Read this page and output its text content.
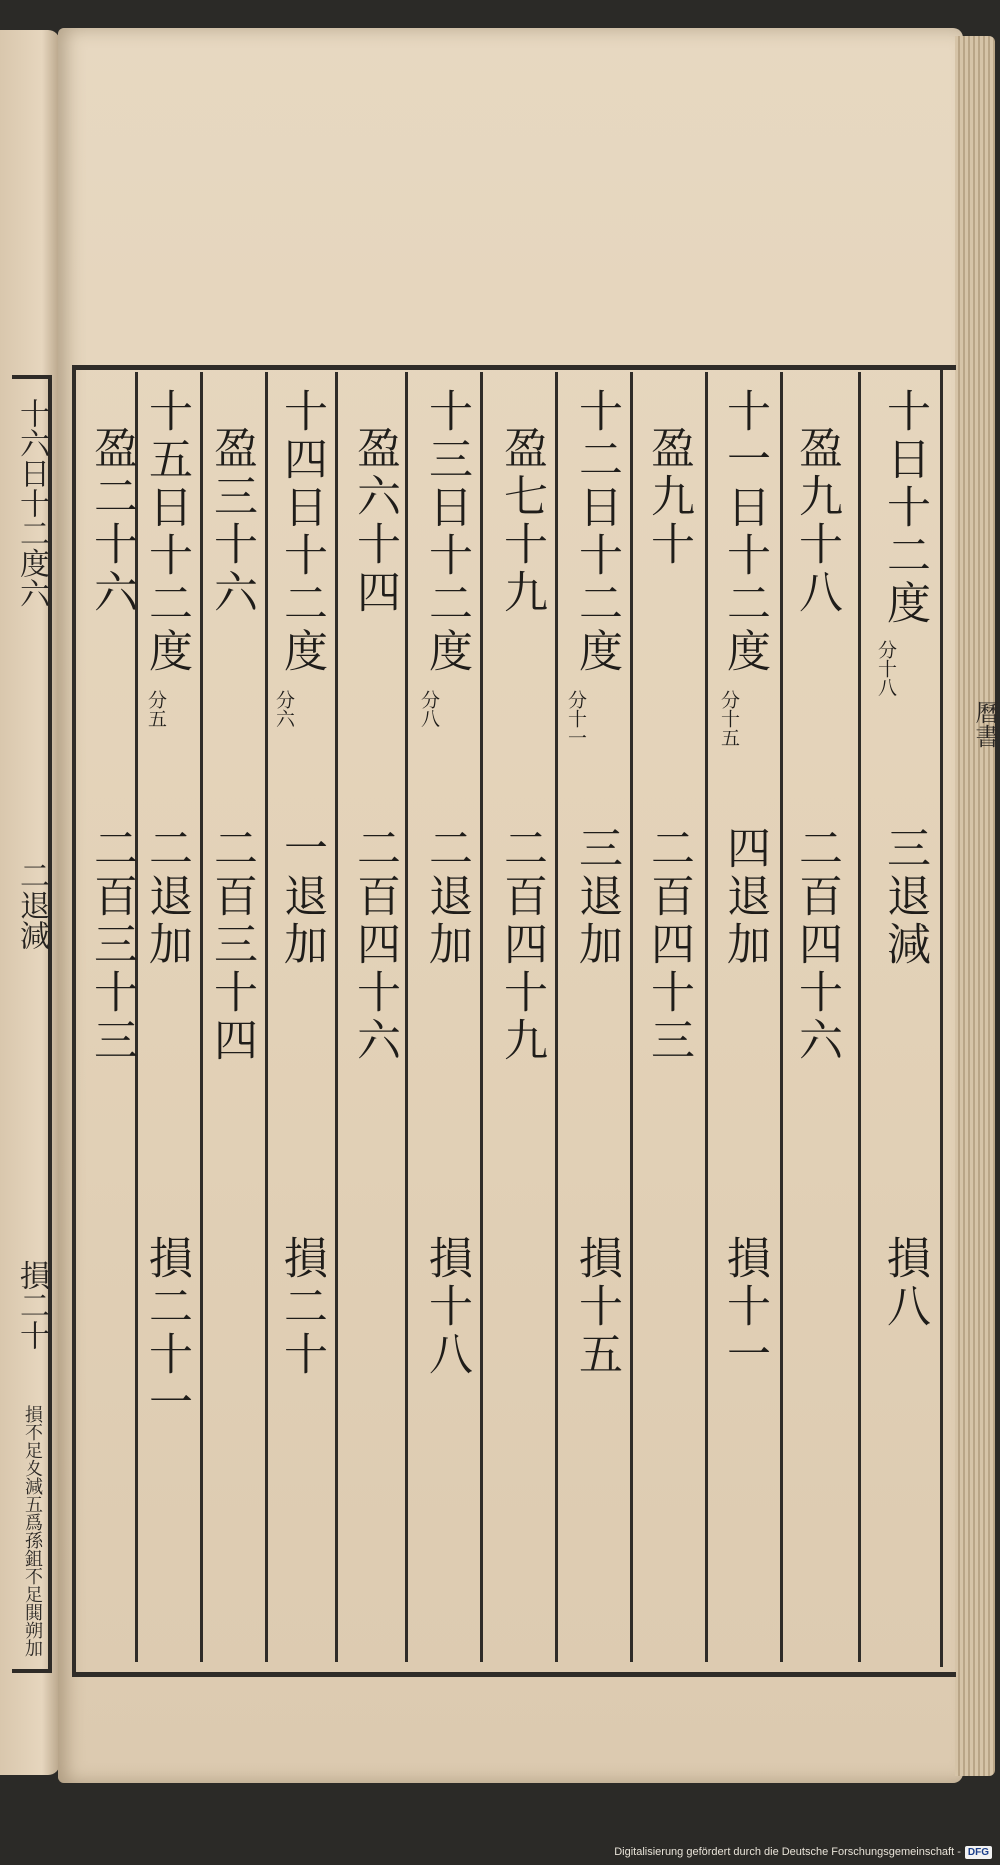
十六日十二度六
二退減
損二十
損不足夊減五爲孫鉏不足閧朔加
曆書
十日十二度
分十八
盈九十八
三退減
二百四十六
損八
十一日十二度
分十五
盈九十
四退加
二百四十三
損十一
十二日十二度
分十一
盈七十九
三退加
二百四十九
損十五
十三日十二度
分八
盈六十四
二退加
二百四十六
損十八
十四日十二度
分六
盈三十六
一退加
二百三十四
損二十
十五日十二度
分五
盈二十六
二退加
二百三十三
損二十一
Digitalisierung gefördert durch die Deutsche Forschungsgemeinschaft - DFG
